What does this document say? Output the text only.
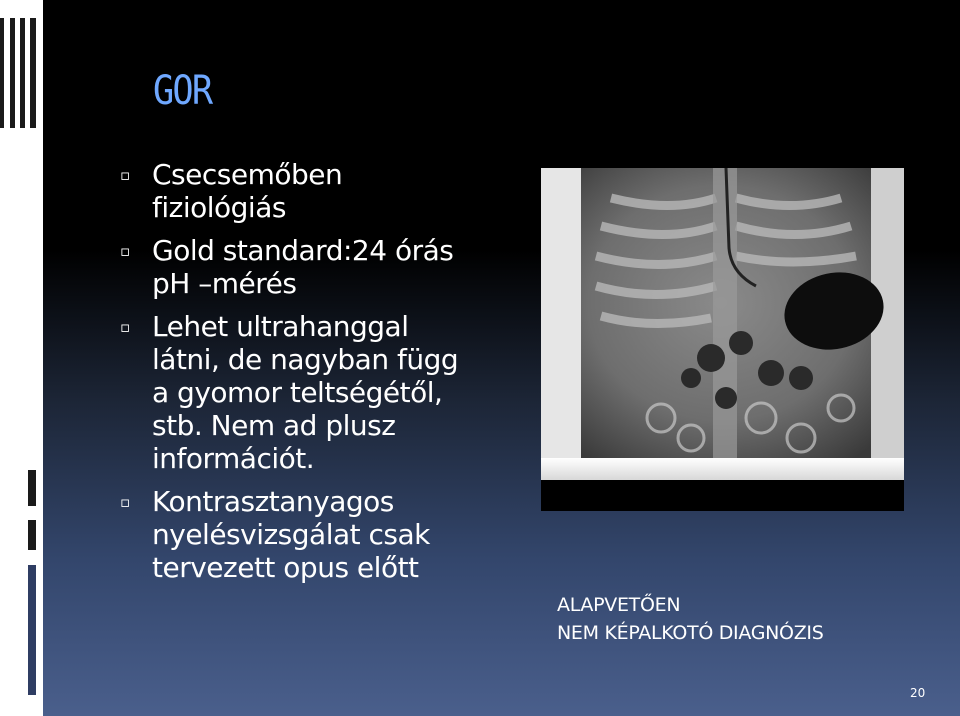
GOR
▫ Csecsemőben
fiziológiás
▫ Gold standard:24 órás
pH –mérés
▫ Lehet ultrahanggal
látni, de nagyban függ
a gyomor teltségétől,
stb. Nem ad plusz
információt.
▫ Kontrasztanyagos
nyelésvizsgálat csak
tervezett opus előtt
ALAPVETŐEN
NEM KÉPALKOTÓ DIAGNÓZIS
20
